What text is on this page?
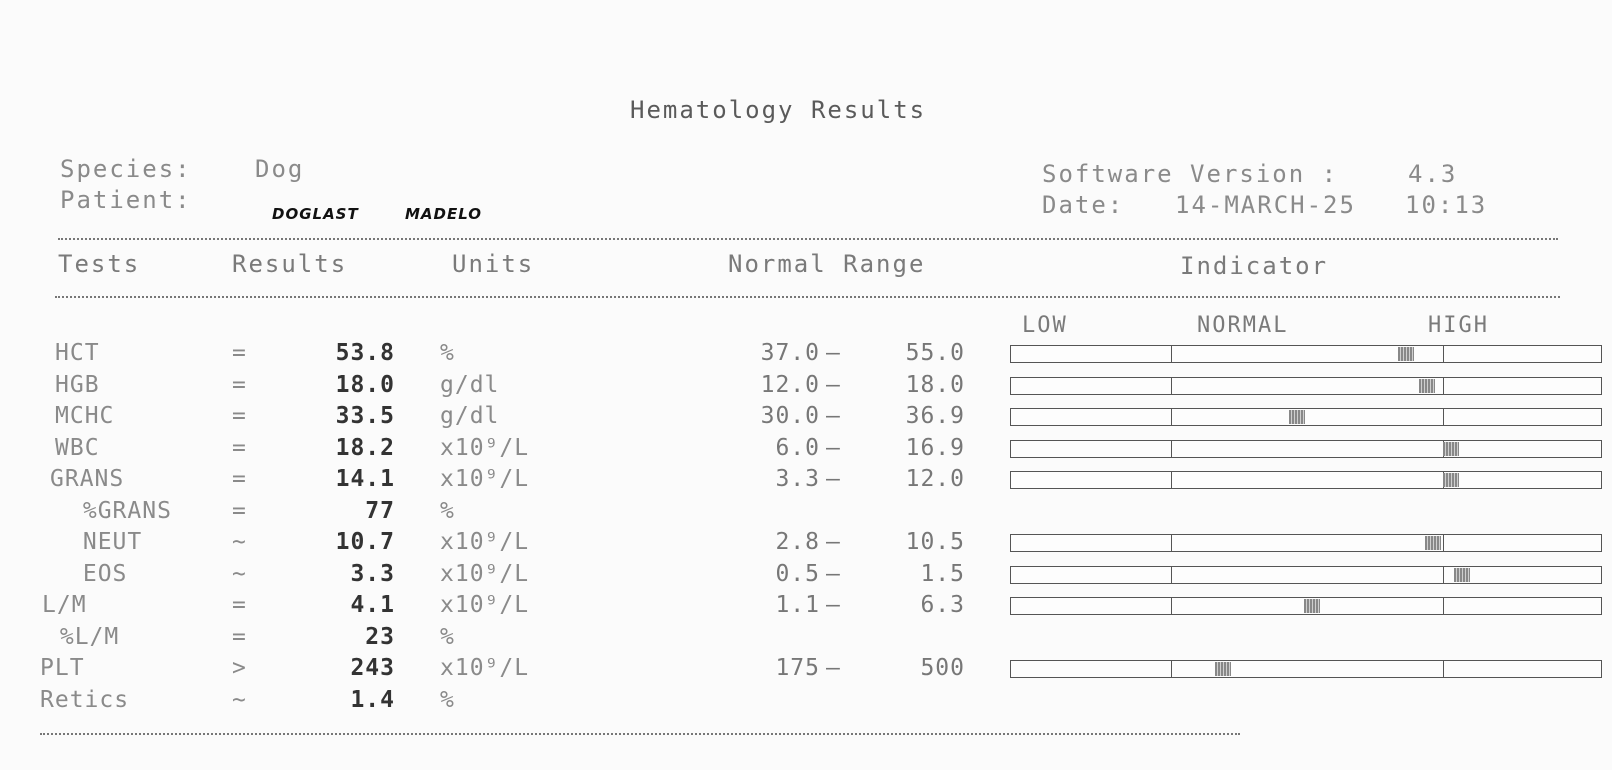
Hematology Results
Species:	Dog
Patient:	DOGLAST	MADELO
Software Version :	4.3
Date: 14-MARCH-25 10:13
Tests	Results	Units	Normal Range	Indicator
LOW	NORMAL	HIGH
HCT	=	53.8 %	37.0 –	55.0
HGB	=	18.0 g/dl	12.0 –	18.0
MCHC	=	33.5 g/dl	30.0 –	36.9
WBC	=	18.2 x10⁹/L	6.0 –	16.9
GRANS	=	14.1 x10⁹/L	3.3 –	12.0
%GRANS	=	77 %
NEUT	~	10.7 x10⁹/L	2.8 –	10.5
EOS	~	3.3 x10⁹/L	0.5 –	1.5
L/M	=	4.1 x10⁹/L	1.1 –	6.3
%L/M	=	23 %
PLT	>	243 x10⁹/L	175 –	500
Retics	~	1.4 %
